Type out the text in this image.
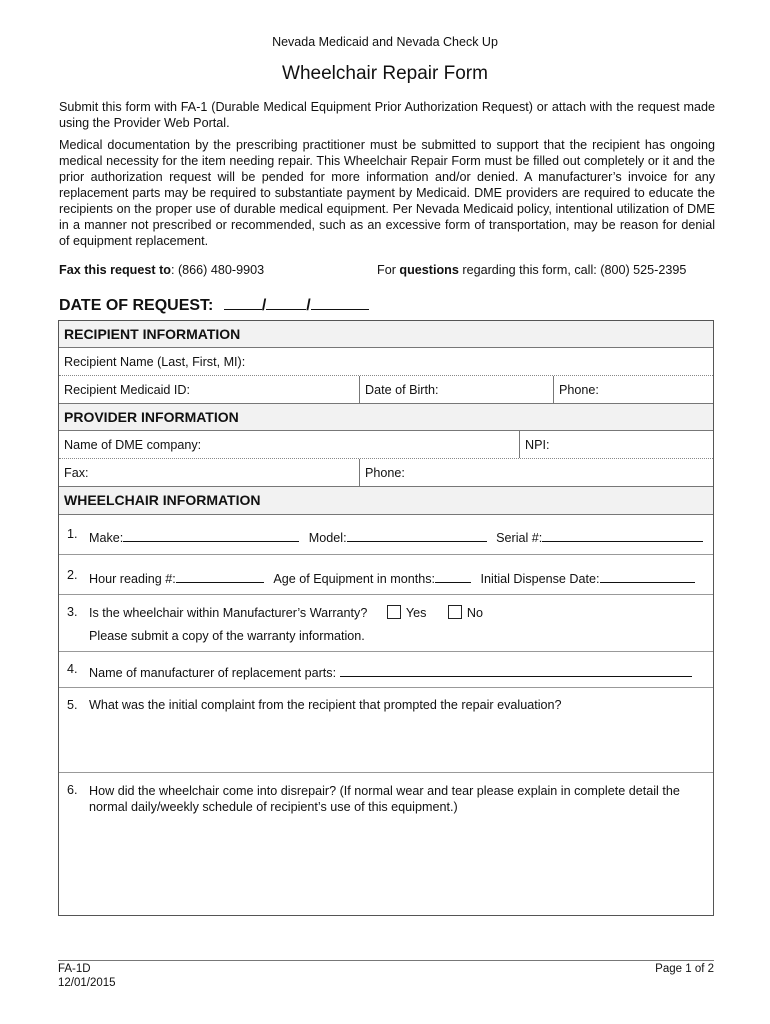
Nevada Medicaid and Nevada Check Up
Wheelchair Repair Form
Submit this form with FA-1 (Durable Medical Equipment Prior Authorization Request) or attach with the request made using the Provider Web Portal.
Medical documentation by the prescribing practitioner must be submitted to support that the recipient has ongoing medical necessity for the item needing repair. This Wheelchair Repair Form must be filled out completely or it and the prior authorization request will be pended for more information and/or denied. A manufacturer’s invoice for any replacement parts may be required to substantiate payment by Medicaid. DME providers are required to educate the recipients on the proper use of durable medical equipment. Per Nevada Medicaid policy, intentional utilization of DME in a manner not prescribed or recommended, such as an excessive form of transportation, may be reason for denial of equipment replacement.
Fax this request to: (866) 480-9903	For questions regarding this form, call: (800) 525-2395
DATE OF REQUEST:	/	/
RECIPIENT INFORMATION
Recipient Name (Last, First, MI):
Recipient Medicaid ID:	Date of Birth:	Phone:
PROVIDER INFORMATION
Name of DME company:	NPI:
Fax:	Phone:
WHEELCHAIR INFORMATION
1. Make:	Model:	Serial #:
2. Hour reading #:	Age of Equipment in months:	Initial Dispense Date:
3. Is the wheelchair within Manufacturer’s Warranty?	Yes	No
Please submit a copy of the warranty information.
4. Name of manufacturer of replacement parts:
5. What was the initial complaint from the recipient that prompted the repair evaluation?
6. How did the wheelchair come into disrepair? (If normal wear and tear please explain in complete detail the normal daily/weekly schedule of recipient’s use of this equipment.)
FA-1D
12/01/2015
Page 1 of 2
